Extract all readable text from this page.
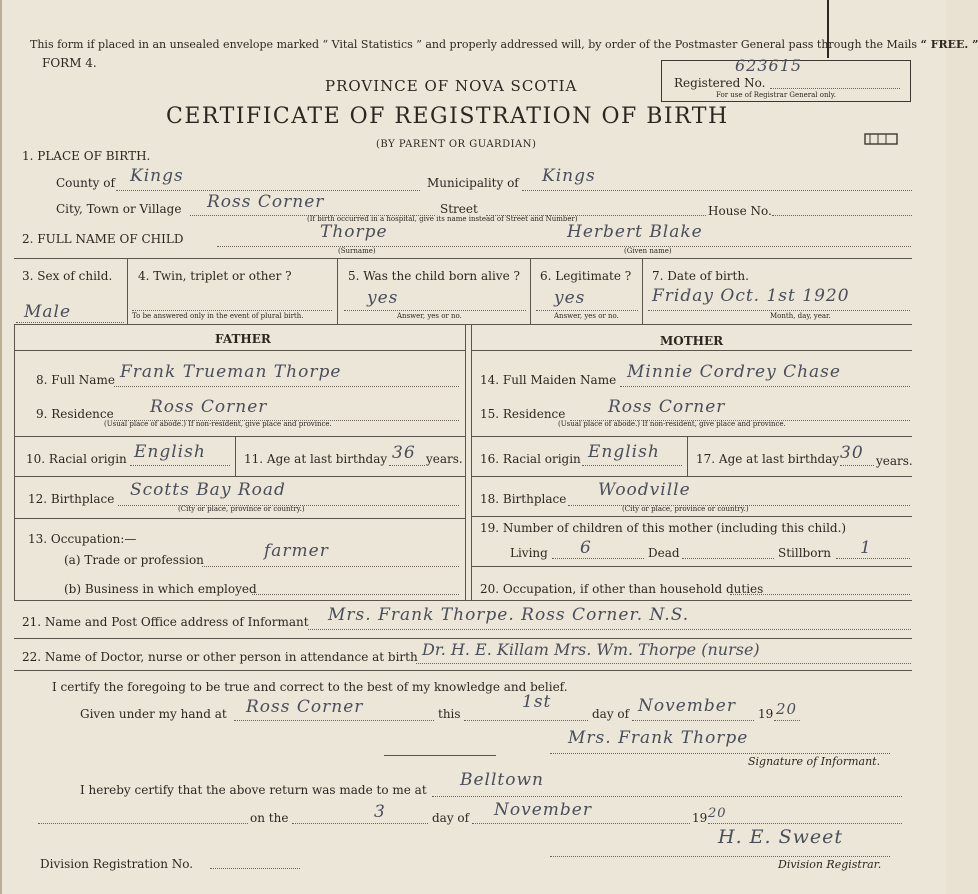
This form if placed in an unsealed envelope marked “ Vital Statistics ” and properly addressed will, by order of the Postmaster General pass through the Mails “ FREE. ”
FORM 4.	623615
Registered No.
For use of Registrar General only.
PROVINCE OF NOVA SCOTIA
CERTIFICATE OF REGISTRATION OF BIRTH
(BY PARENT OR GUARDIAN)
1. PLACE OF BIRTH.
County of Kings	Municipality of Kings
City, Town or Village Ross Corner	Street	House No.
(If birth occurred in a hospital, give its name instead of Street and Number)
2. FULL NAME OF CHILD	Thorpe
(Surname)
Herbert Blake
(Given name)
3. Sex of child.
Male
4. Twin, triplet or other ?
To be answered only in the event of plural birth.
5. Was the child born alive ?
yes
Answer, yes or no.
6. Legitimate ?
yes
Answer, yes or no.
7. Date of birth.
Friday Oct. 1st 1920
Month, day, year.
FATHER	MOTHER
8. Full Name Frank Trueman Thorpe
9. Residence Ross Corner
(Usual place of abode.) If non-resident, give place and province.
10. Racial origin English	11. Age at last birthday 36 years.
12. Birthplace Scotts Bay Road
(City or place, province or country.)
13. Occupation:—
(a) Trade or profession	farmer
(b) Business in which employed
14. Full Maiden Name Minnie Cordrey Chase
15. Residence	Ross Corner
(Usual place of abode.) If non-resident, give place and province.
16. Racial origin English	17. Age at last birthday 30 years.
18. Birthplace Woodville
(City or place, province or country.)
19. Number of children of this mother (including this child.)
Living 6	Dead	Stillborn 1
20. Occupation, if other than household duties
21. Name and Post Office address of Informant Mrs. Frank Thorpe. Ross Corner. N.S.
22. Name of Doctor, nurse or other person in attendance at birth Dr. H. E. Killam Mrs. Wm. Thorpe (nurse)
I certify the foregoing to be true and correct to the best of my knowledge and belief.
Given under my hand at Ross Corner	this
1st
day of November 19 20
Mrs. Frank Thorpe
Signature of Informant.
I hereby certify that the above return was made to me at Belltown
on the	3	day of November	19 20
Division Registration No.
H. E. Sweet
Division Registrar.
